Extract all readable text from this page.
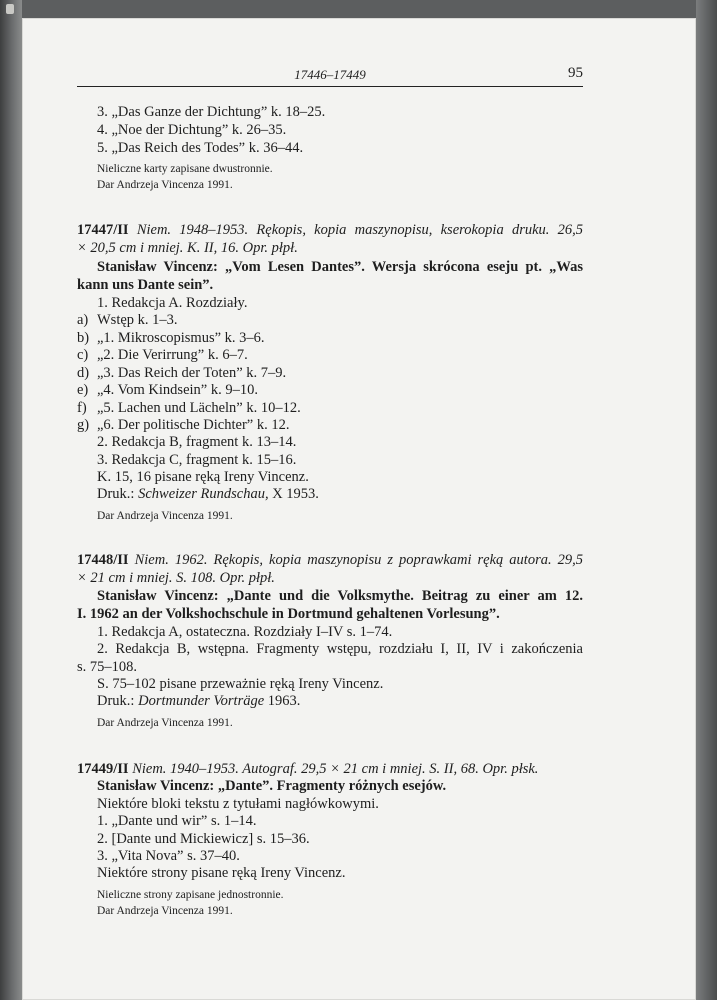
17446–17449	95
3. „Das Ganze der Dichtung” k. 18–25.
4. „Noe der Dichtung” k. 26–35.
5. „Das Reich des Todes” k. 36–44.
Nieliczne karty zapisane dwustronnie.
Dar Andrzeja Vincenza 1991.
17447/II Niem. 1948–1953. Rękopis, kopia maszynopisu, kserokopia druku. 26,5
× 20,5 cm i mniej. K. II, 16. Opr. płpł.
Stanisław Vincenz: „Vom Lesen Dantes”. Wersja skrócona eseju pt. „Was
kann uns Dante sein”.
1. Redakcja A. Rozdziały.
a) Wstęp k. 1–3.
b) „1. Mikroscopismus” k. 3–6.
c) „2. Die Verirrung” k. 6–7.
d) „3. Das Reich der Toten” k. 7–9.
e) „4. Vom Kindsein” k. 9–10.
f) „5. Lachen und Lächeln” k. 10–12.
g) „6. Der politische Dichter” k. 12.
2. Redakcja B, fragment k. 13–14.
3. Redakcja C, fragment k. 15–16.
K. 15, 16 pisane ręką Ireny Vincenz.
Druk.: Schweizer Rundschau, X 1953.
Dar Andrzeja Vincenza 1991.
17448/II Niem. 1962. Rękopis, kopia maszynopisu z poprawkami ręką autora. 29,5
× 21 cm i mniej. S. 108. Opr. płpł.
Stanisław Vincenz: „Dante und die Volksmythe. Beitrag zu einer am 12.
I. 1962 an der Volkshochschule in Dortmund gehaltenen Vorlesung”.
1. Redakcja A, ostateczna. Rozdziały I–IV s. 1–74.
2. Redakcja B, wstępna. Fragmenty wstępu, rozdziału I, II, IV i zakończenia
s. 75–108.
S. 75–102 pisane przeważnie ręką Ireny Vincenz.
Druk.: Dortmunder Vorträge 1963.
Dar Andrzeja Vincenza 1991.
17449/II Niem. 1940–1953. Autograf. 29,5 × 21 cm i mniej. S. II, 68. Opr. płsk.
Stanisław Vincenz: „Dante”. Fragmenty różnych esejów.
Niektóre bloki tekstu z tytułami nagłówkowymi.
1. „Dante und wir” s. 1–14.
2. [Dante und Mickiewicz] s. 15–36.
3. „Vita Nova” s. 37–40.
Niektóre strony pisane ręką Ireny Vincenz.
Nieliczne strony zapisane jednostronnie.
Dar Andrzeja Vincenza 1991.
